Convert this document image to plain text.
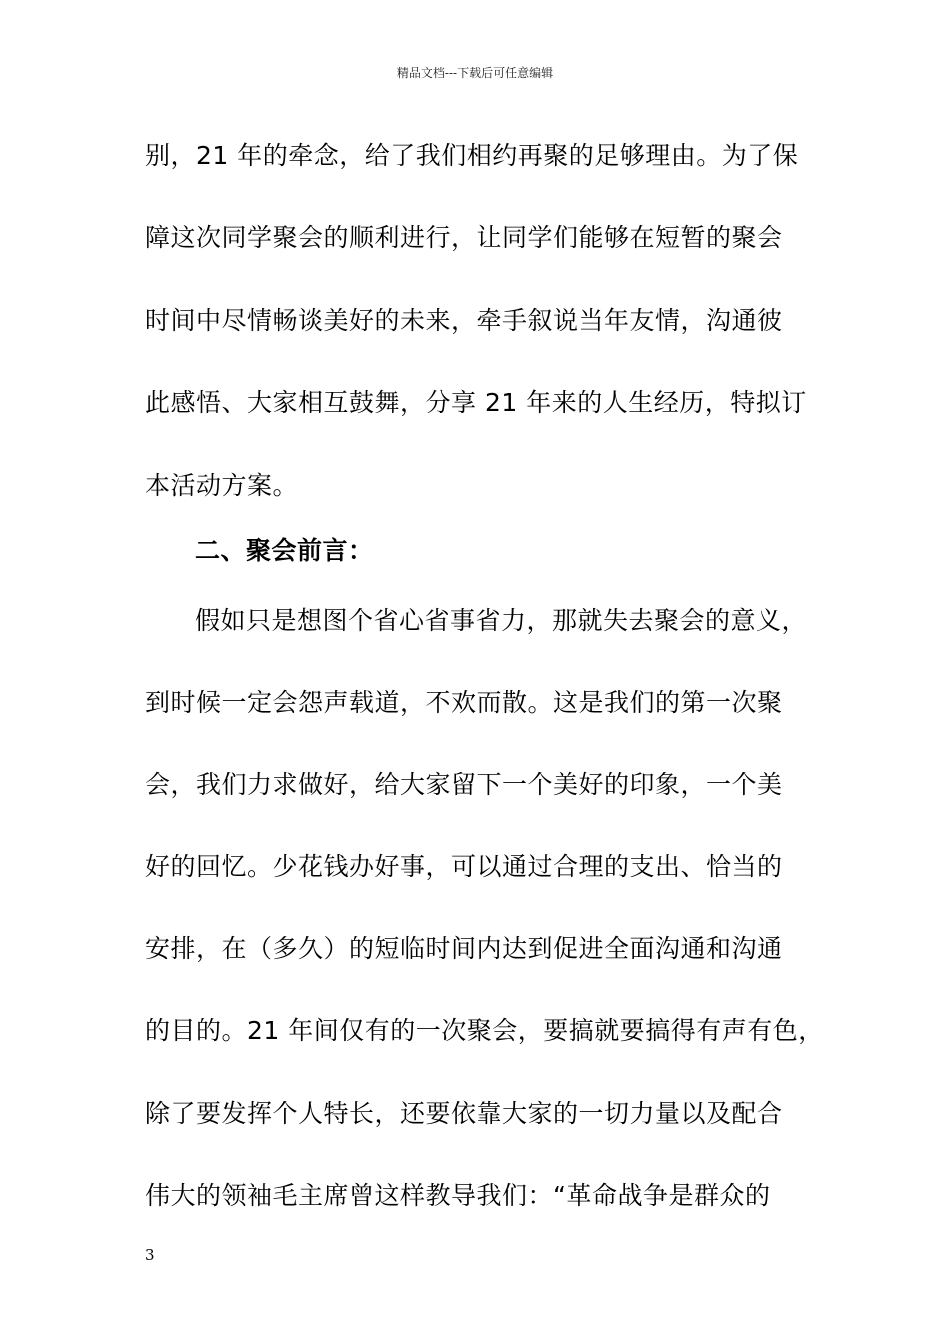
精品文档---下载后可任意编辑
别，21 年的牵念，给了我们相约再聚的足够理由。为了保
障这次同学聚会的顺利进行，让同学们能够在短暂的聚会
时间中尽情畅谈美好的未来，牵手叙说当年友情，沟通彼
此感悟、大家相互鼓舞，分享 21 年来的人生经历，特拟订
本活动方案。
二、聚会前言：
假如只是想图个省心省事省力，那就失去聚会的意义，
到时候一定会怨声载道，不欢而散。这是我们的第一次聚
会，我们力求做好，给大家留下一个美好的印象，一个美
好的回忆。少花钱办好事，可以通过合理的支出、恰当的
安排，在（多久）的短临时间内达到促进全面沟通和沟通
的目的。21 年间仅有的一次聚会，要搞就要搞得有声有色，
除了要发挥个人特长，还要依靠大家的一切力量以及配合
伟大的领袖毛主席曾这样教导我们：“革命战争是群众的
3
